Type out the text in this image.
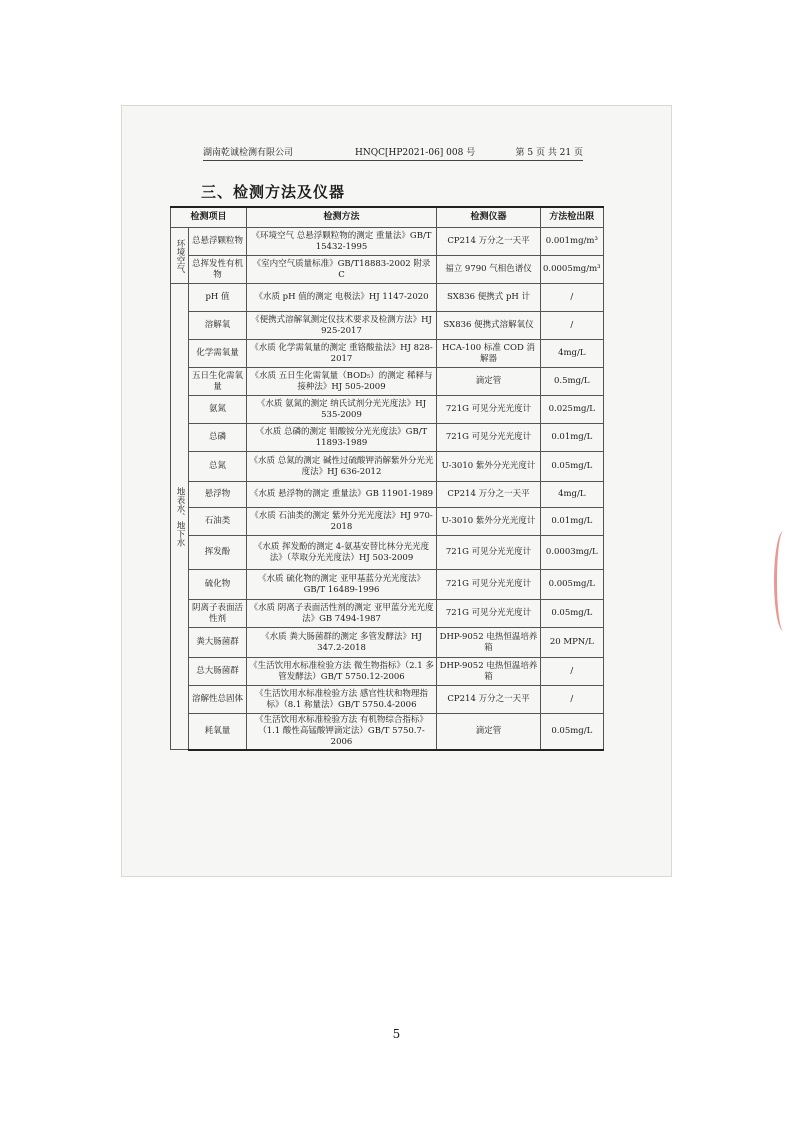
湖南乾诚检测有限公司	HNQC[HP2021-06] 008 号	第 5 页 共 21 页
三、检测方法及仪器
检测项目		检测方法	检测仪器	方法检出限
环境空气	总悬浮颗粒物	《环境空气 总悬浮颗粒物的测定 重量法》GB/T 15432-1995	CP214 万分之一天平	0.001mg/m³
	总挥发性有机物	《室内空气质量标准》GB/T18883-2002 附录 C	福立 9790 气相色谱仪	0.0005mg/m³
地表水、地下水	pH 值	《水质 pH 值的测定 电极法》HJ 1147-2020	SX836 便携式 pH 计	/
	溶解氧	《便携式溶解氧测定仪技术要求及检测方法》HJ 925-2017	SX836 便携式溶解氧仪	/
	化学需氧量	《水质 化学需氧量的测定 重铬酸盐法》HJ 828-2017	HCA-100 标准 COD 消解器	4mg/L
	五日生化需氧量	《水质 五日生化需氧量（BOD₅）的测定 稀释与接种法》HJ 505-2009	滴定管	0.5mg/L
	氨氮	《水质 氨氮的测定 纳氏试剂分光光度法》HJ 535-2009	721G 可见分光光度计	0.025mg/L
	总磷	《水质 总磷的测定 钼酸铵分光光度法》GB/T 11893-1989	721G 可见分光光度计	0.01mg/L
	总氮	《水质 总氮的测定 碱性过硫酸钾消解紫外分光光度法》HJ 636-2012	U-3010 紫外分光光度计	0.05mg/L
	悬浮物	《水质 悬浮物的测定 重量法》GB 11901-1989	CP214 万分之一天平	4mg/L
	石油类	《水质 石油类的测定 紫外分光光度法》HJ 970-2018	U-3010 紫外分光光度计	0.01mg/L
	挥发酚	《水质 挥发酚的测定 4-氨基安替比林分光光度法》（萃取分光光度法）HJ 503-2009	721G 可见分光光度计	0.0003mg/L
	硫化物	《水质 硫化物的测定 亚甲基蓝分光光度法》GB/T 16489-1996	721G 可见分光光度计	0.005mg/L
	阴离子表面活性剂	《水质 阴离子表面活性剂的测定 亚甲蓝分光光度法》GB 7494-1987	721G 可见分光光度计	0.05mg/L
	粪大肠菌群	《水质 粪大肠菌群的测定 多管发酵法》HJ 347.2-2018	DHP-9052 电热恒温培养箱	20 MPN/L
	总大肠菌群	《生活饮用水标准检验方法 微生物指标》（2.1 多管发酵法）GB/T 5750.12-2006	DHP-9052 电热恒温培养箱	/
	溶解性总固体	《生活饮用水标准检验方法 感官性状和物理指标》（8.1 称量法）GB/T 5750.4-2006	CP214 万分之一天平	/
	耗氧量	《生活饮用水标准检验方法 有机物综合指标》（1.1 酸性高锰酸钾滴定法）GB/T 5750.7-2006	滴定管	0.05mg/L
5
